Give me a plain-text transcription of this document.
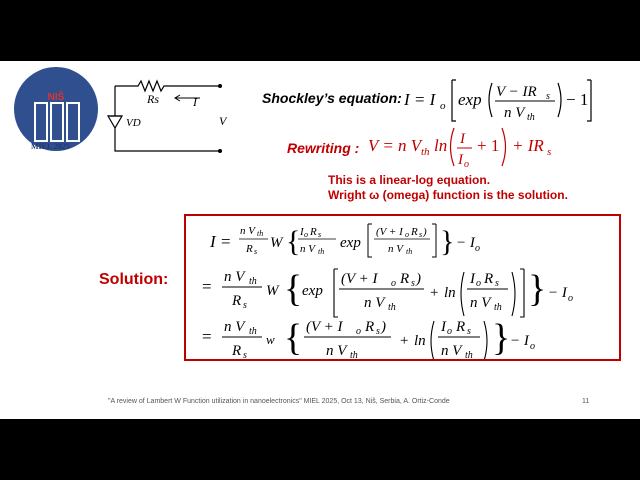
NIŠ
MIEL 2025
Rs	I
VD	V
Shockley’s equation: I = I o exp V − IR s
n V th
− 1
Rewriting : V = n V th ln I
I o
+ 1 + IR s
This is a linear-log equation.
Wright ω (omega) function is the solution.
Solution:
I =
n V th
R s
W { I o R s
n V th
exp
(V + I o R s )
n V th } − I o
= n V th
R s
W { exp
(V + I o R s )
n V th
+ ln
I o R s
n V th } − I o
= n V th
R s
w { (V + I o R s )
n V th
+ ln
I o R s
n V th } − I o
"A review of Lambert W Function utilization in nanoelectronics" MIEL 2025, Oct 13, Niš, Serbia, A. Ortiz-Conde	11
